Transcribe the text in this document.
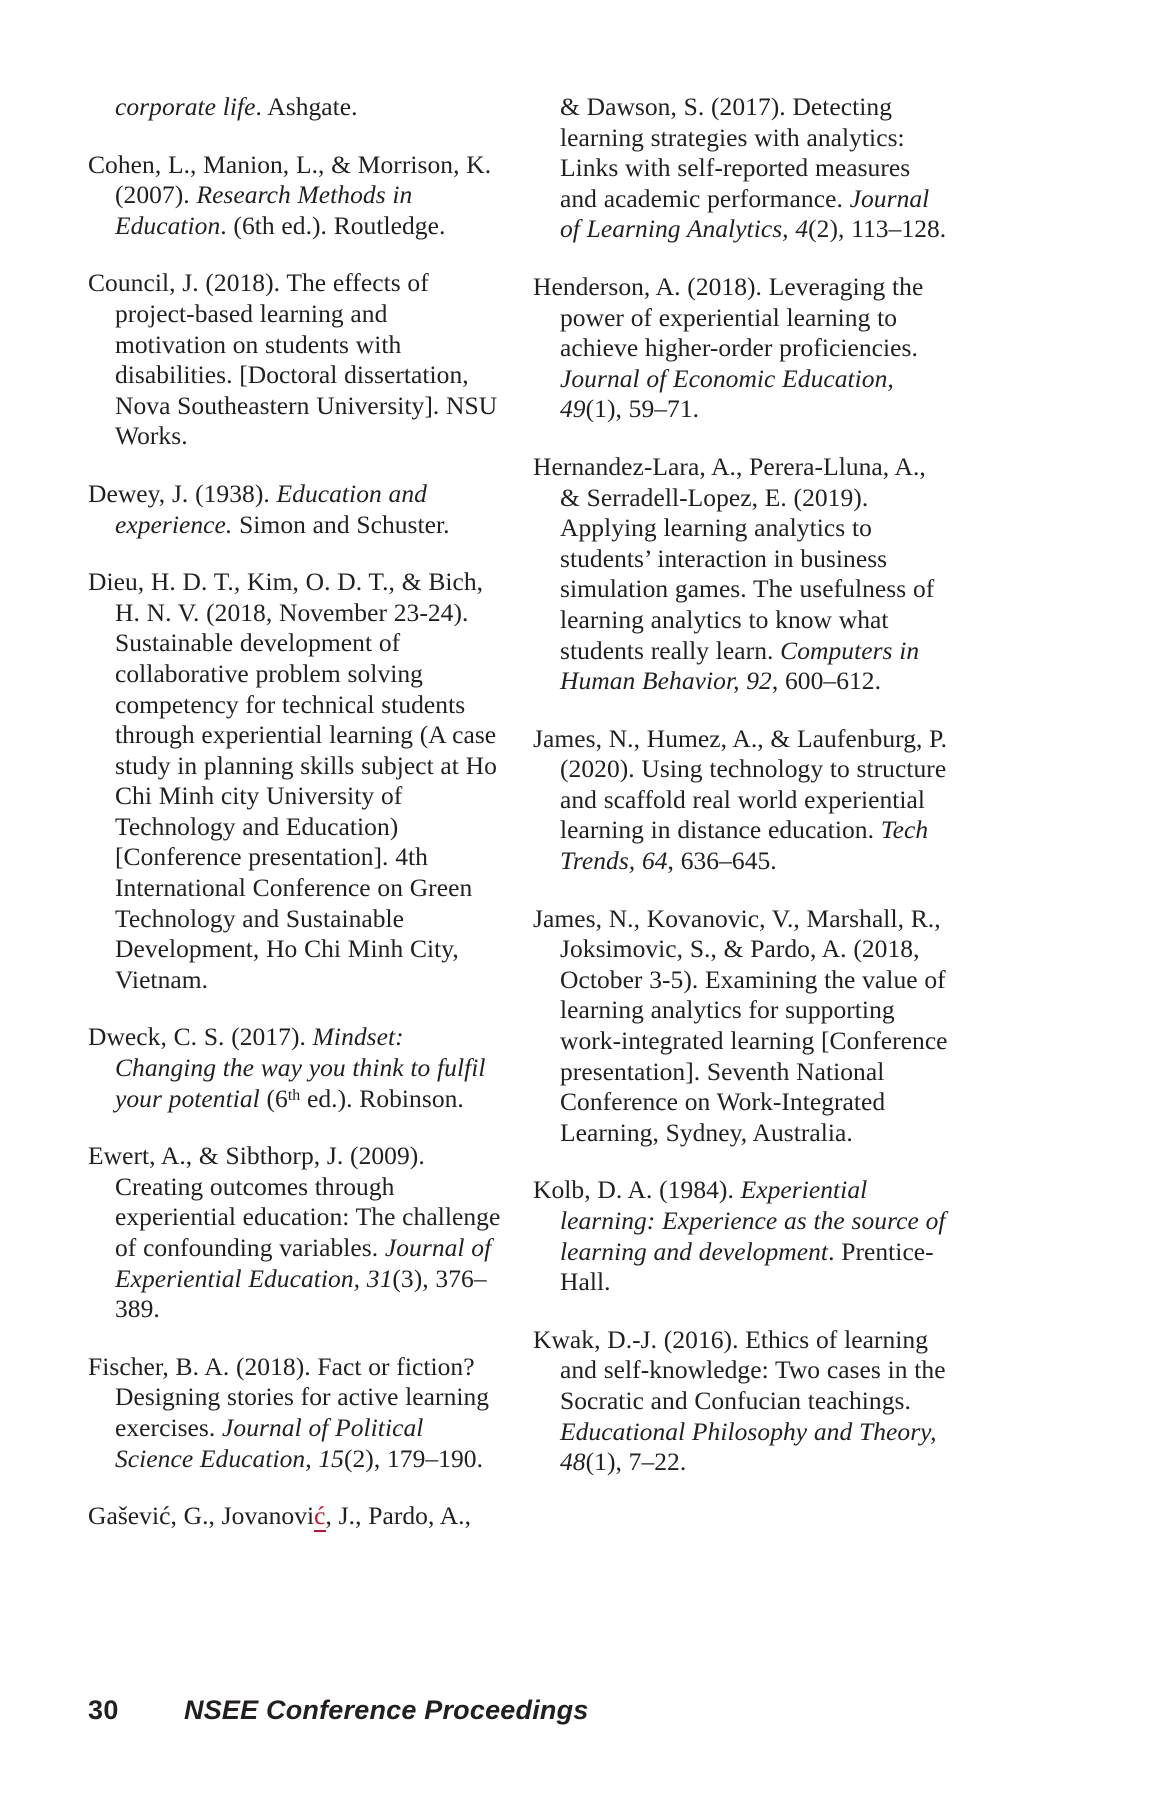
corporate life. Ashgate.

Cohen, L., Manion, L., & Morrison, K. (2007). Research Methods in Education. (6th ed.). Routledge.

Council, J. (2018). The effects of project-based learning and motivation on students with disabilities. [Doctoral dissertation, Nova Southeastern University]. NSU Works.

Dewey, J. (1938). Education and experience. Simon and Schuster.

Dieu, H. D. T., Kim, O. D. T., & Bich, H. N. V. (2018, November 23-24). Sustainable development of collaborative problem solving competency for technical students through experiential learning (A case study in planning skills subject at Ho Chi Minh city University of Technology and Education) [Conference presentation]. 4th International Conference on Green Technology and Sustainable Development, Ho Chi Minh City, Vietnam.

Dweck, C. S. (2017). Mindset: Changing the way you think to fulfil your potential (6th ed.). Robinson.

Ewert, A., & Sibthorp, J. (2009). Creating outcomes through experiential education: The challenge of confounding variables. Journal of Experiential Education, 31(3), 376–389.

Fischer, B. A. (2018). Fact or fiction? Designing stories for active learning exercises. Journal of Political Science Education, 15(2), 179–190.

Gašević, G., Jovanović, J., Pardo, A.,

& Dawson, S. (2017). Detecting learning strategies with analytics: Links with self-reported measures and academic performance. Journal of Learning Analytics, 4(2), 113–128.

Henderson, A. (2018). Leveraging the power of experiential learning to achieve higher-order proficiencies. Journal of Economic Education, 49(1), 59–71.

Hernandez-Lara, A., Perera-Lluna, A., & Serradell-Lopez, E. (2019). Applying learning analytics to students’ interaction in business simulation games. The usefulness of learning analytics to know what students really learn. Computers in Human Behavior, 92, 600–612.

James, N., Humez, A., & Laufenburg, P. (2020). Using technology to structure and scaffold real world experiential learning in distance education. Tech Trends, 64, 636–645.

James, N., Kovanovic, V., Marshall, R., Joksimovic, S., & Pardo, A. (2018, October 3-5). Examining the value of learning analytics for supporting work-integrated learning [Conference presentation]. Seventh National Conference on Work-Integrated Learning, Sydney, Australia.

Kolb, D. A. (1984). Experiential learning: Experience as the source of learning and development. Prentice-Hall.

Kwak, D.-J. (2016). Ethics of learning and self-knowledge: Two cases in the Socratic and Confucian teachings. Educational Philosophy and Theory, 48(1), 7–22.

30	NSEE Conference Proceedings
